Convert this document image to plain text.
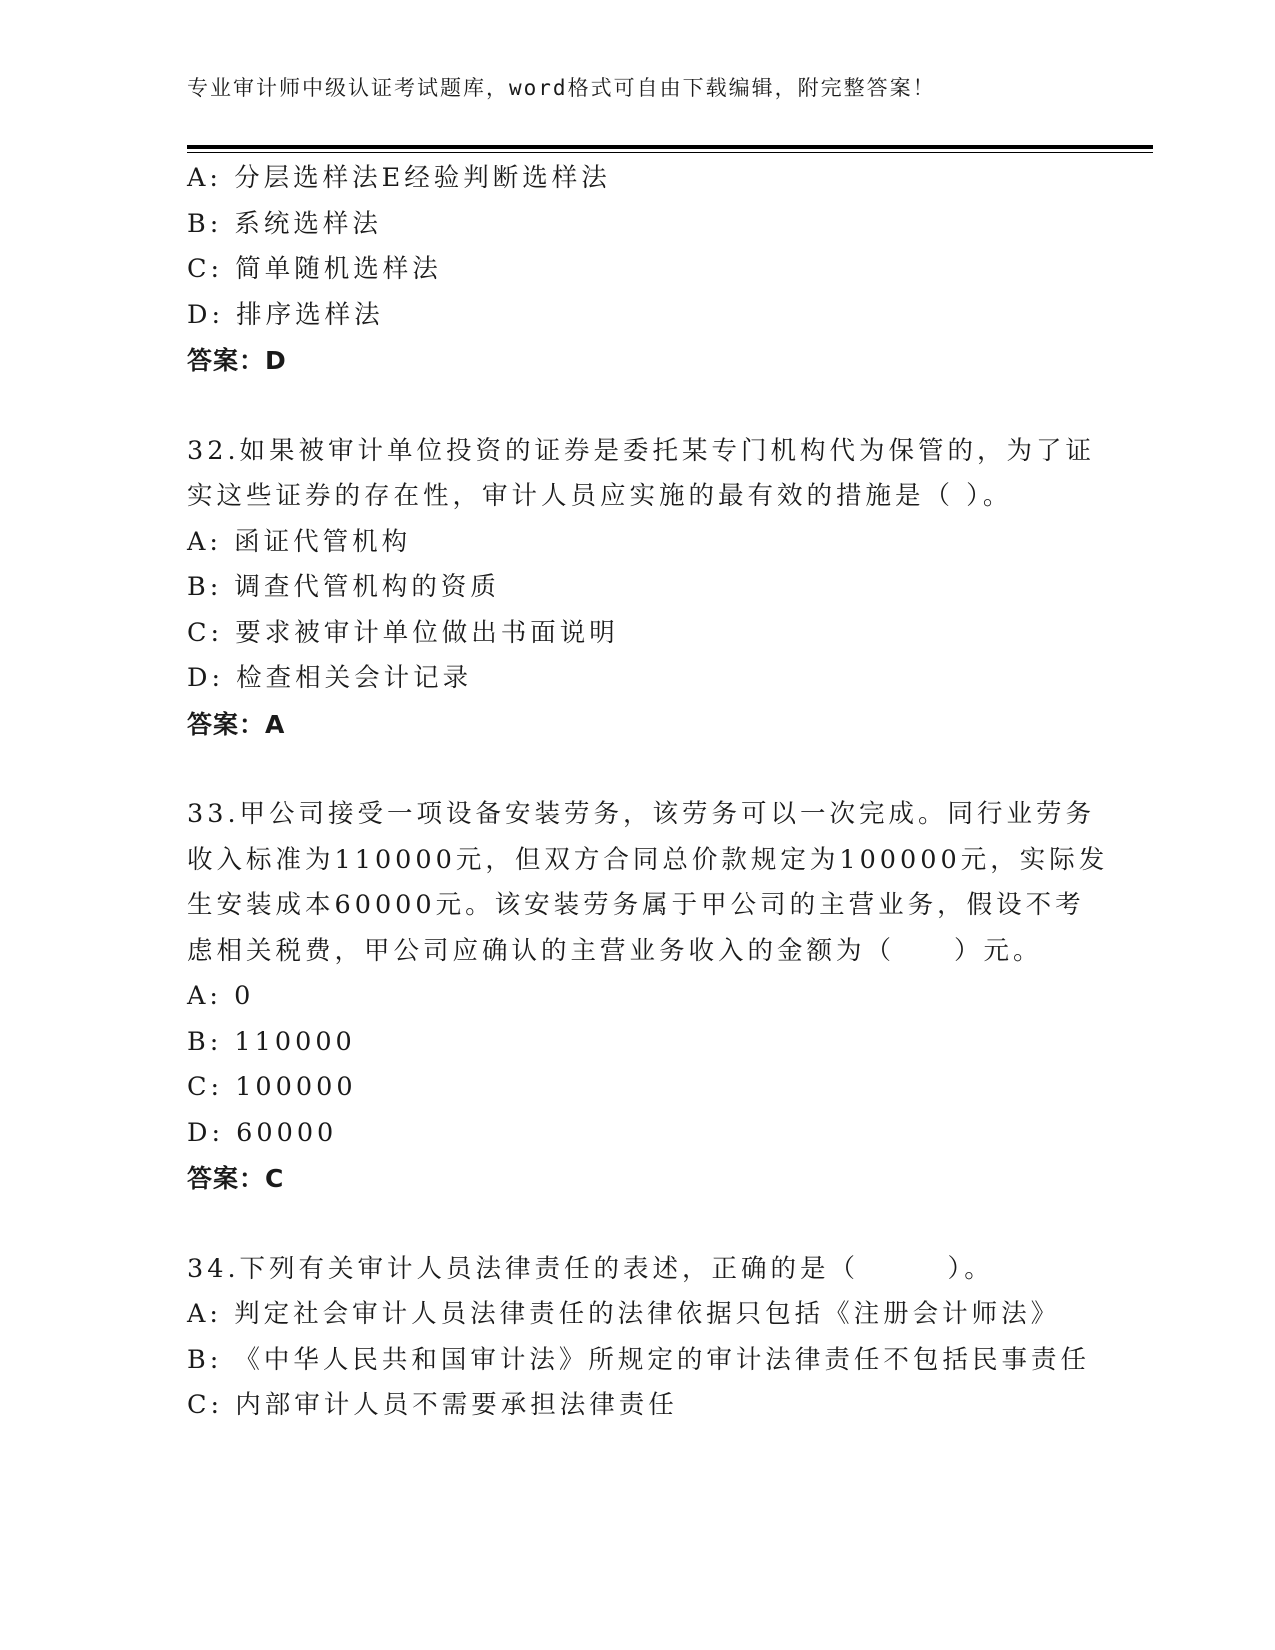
专业审计师中级认证考试题库，word格式可自由下载编辑，附完整答案！
A: 分层选样法E经验判断选样法
B: 系统选样法
C: 简单随机选样法
D: 排序选样法
答案：D
32.如果被审计单位投资的证券是委托某专门机构代为保管的，为了证
实这些证券的存在性，审计人员应实施的最有效的措施是（ ）。
A: 函证代管机构
B: 调查代管机构的资质
C: 要求被审计单位做出书面说明
D: 检查相关会计记录
答案：A
33.甲公司接受一项设备安装劳务，该劳务可以一次完成。同行业劳务
收入标准为110000元，但双方合同总价款规定为100000元，实际发
生安装成本60000元。该安装劳务属于甲公司的主营业务，假设不考
虑相关税费，甲公司应确认的主营业务收入的金额为（　　）元。
A: 0
B: 110000
C: 100000
D: 60000
答案：C
34.下列有关审计人员法律责任的表述，正确的是（　　　）。
A: 判定社会审计人员法律责任的法律依据只包括《注册会计师法》
B: 《中华人民共和国审计法》所规定的审计法律责任不包括民事责任
C: 内部审计人员不需要承担法律责任
